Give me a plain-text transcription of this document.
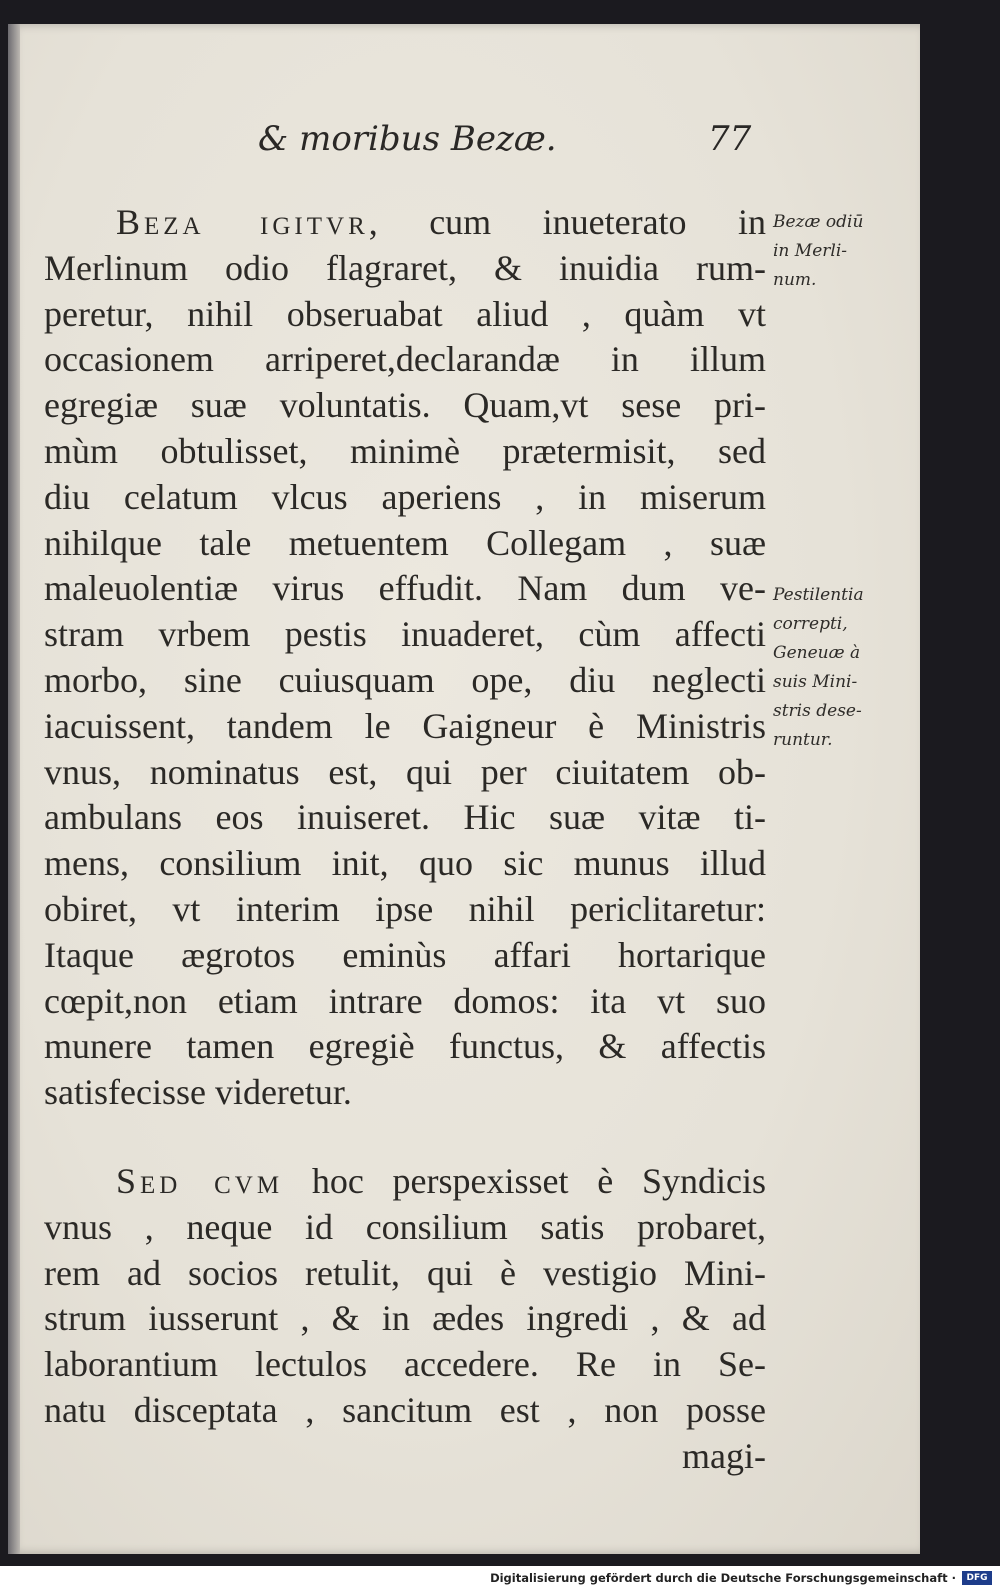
& moribus Bezæ.	77
Beza igitvr, cum inueterato in
Merlinum odio flagraret, & inuidia rum-
peretur, nihil obseruabat aliud , quàm vt
occasionem arriperet,declarandæ in illum
egregiæ suæ voluntatis. Quam,vt sese pri-
mùm obtulisset, minimè prætermisit, sed
diu celatum vlcus aperiens , in miserum
nihilque tale metuentem Collegam , suæ
maleuolentiæ virus effudit. Nam dum ve-
stram vrbem pestis inuaderet, cùm affecti
morbo, sine cuiusquam ope, diu neglecti
iacuissent, tandem le Gaigneur è Ministris
vnus, nominatus est, qui per ciuitatem ob-
ambulans eos inuiseret. Hic suæ vitæ ti-
mens, consilium init, quo sic munus illud
obiret, vt interim ipse nihil periclitaretur:
Itaque ægrotos eminùs affari hortarique
cœpit,non etiam intrare domos: ita vt suo
munere tamen egregiè functus, & affectis
satisfecisse videretur.
Sed cvm hoc perspexisset è Syndicis
vnus , neque id consilium satis probaret,
rem ad socios retulit, qui è vestigio Mini-
strum iusserunt , & in ædes ingredi , & ad
laborantium lectulos accedere. Re in Se-
natu disceptata , sancitum est , non posse
magi-
Bezæ odiū
in Merli-
num.
Pestilentia
correpti,
Geneuæ à
suis Mini-
stris dese-
runtur.
Digitalisierung gefördert durch die Deutsche Forschungsgemeinschaft ·	DFG
